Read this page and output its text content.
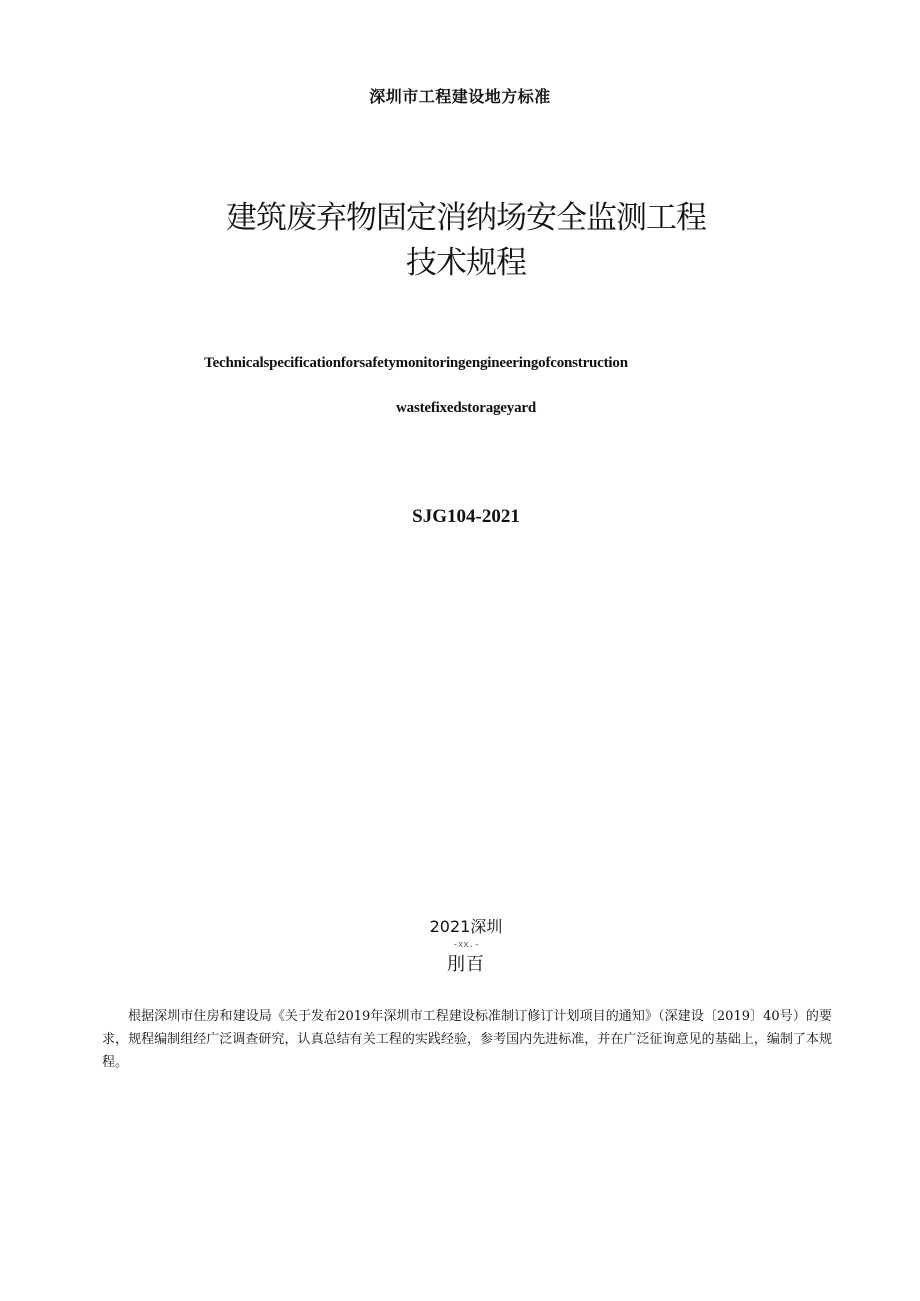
深圳市工程建设地方标准
建筑废弃物固定消纳场安全监测工程
技术规程
Technicalspecificationforsafetymonitoringengineeringofconstruction
wastefixedstorageyard
SJG104-2021
2021深圳
-xx.-
刖百

根据深圳市住房和建设局《关于发布2019年深圳市工程建设标准制订修订计划项目的通知》（深建设〔2019〕40号）的要求，规程编制组经广泛调查研究，认真总结有关工程的实践经验，参考国内先进标准，并在广泛征询意见的基础上，编制了本规程。
